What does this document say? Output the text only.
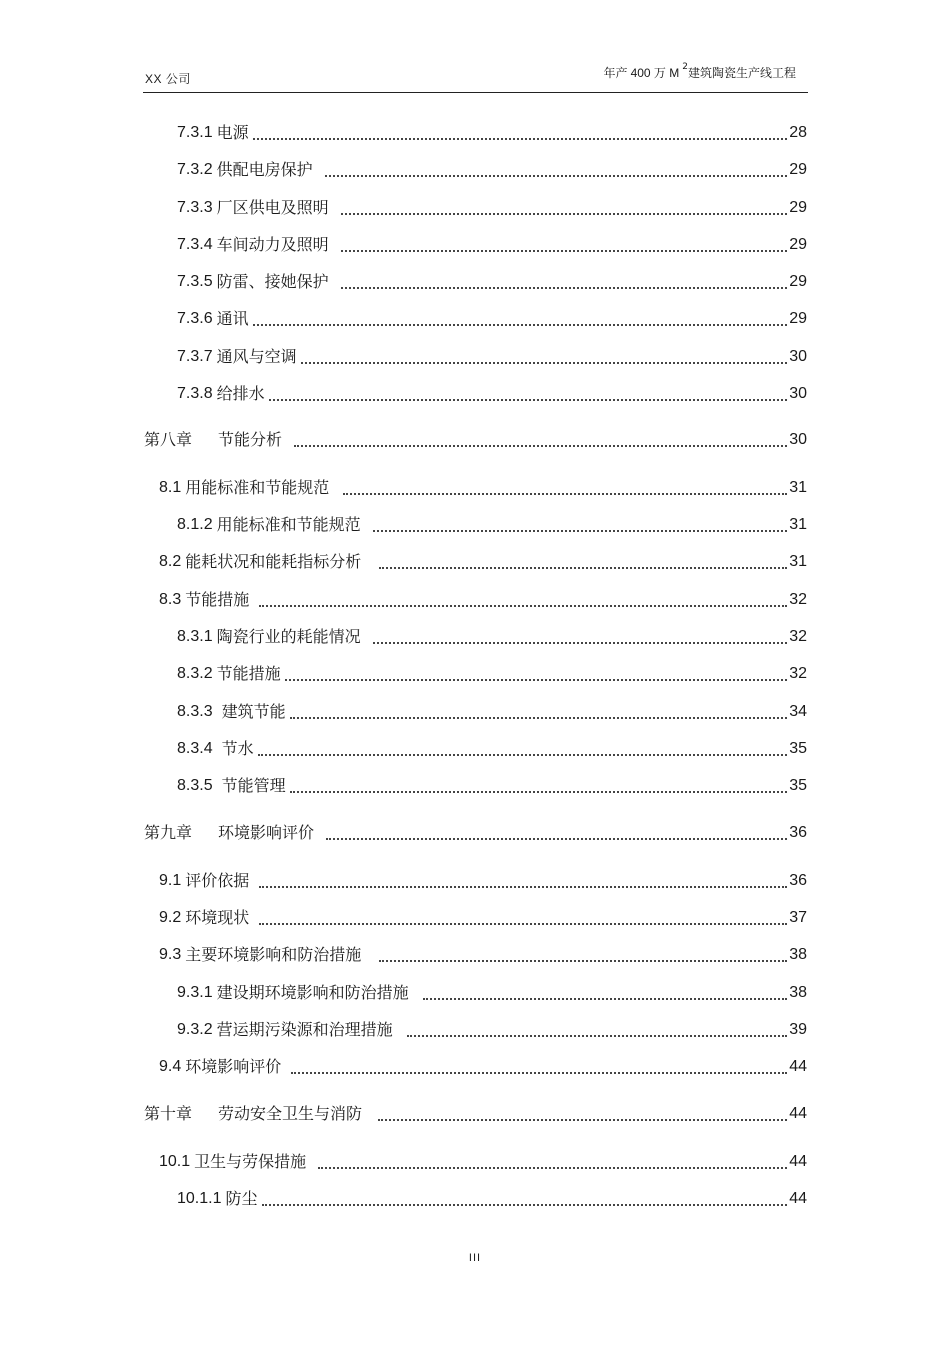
XX 公司	年产 400 万 M $^2$建筑陶瓷生产线工程
7.3.1 电源	28
7.3.2 供配电房保护	29
7.3.3 厂区供电及照明	29
7.3.4 车间动力及照明	29
7.3.5 防雷、接她保护	29
7.3.6 通讯	29
7.3.7 通风与空调	30
7.3.8 给排水	30
第八章 节能分析	30
8.1 用能标准和节能规范	31
8.1.2 用能标准和节能规范	31
8.2 能耗状况和能耗指标分析	31
8.3 节能措施	32
8.3.1 陶瓷行业的耗能情况	32
8.3.2 节能措施	32
8.3.3 建筑节能	34
8.3.4 节水	35
8.3.5 节能管理	35
第九章 环境影响评价	36
9.1 评价依据	36
9.2 环境现状	37
9.3 主要环境影响和防治措施	38
9.3.1 建设期环境影响和防治措施	38
9.3.2 营运期污染源和治理措施	39
9.4 环境影响评价	44
第十章 劳动安全卫生与消防	44
10.1 卫生与劳保措施	44
10.1.1 防尘	44
III
